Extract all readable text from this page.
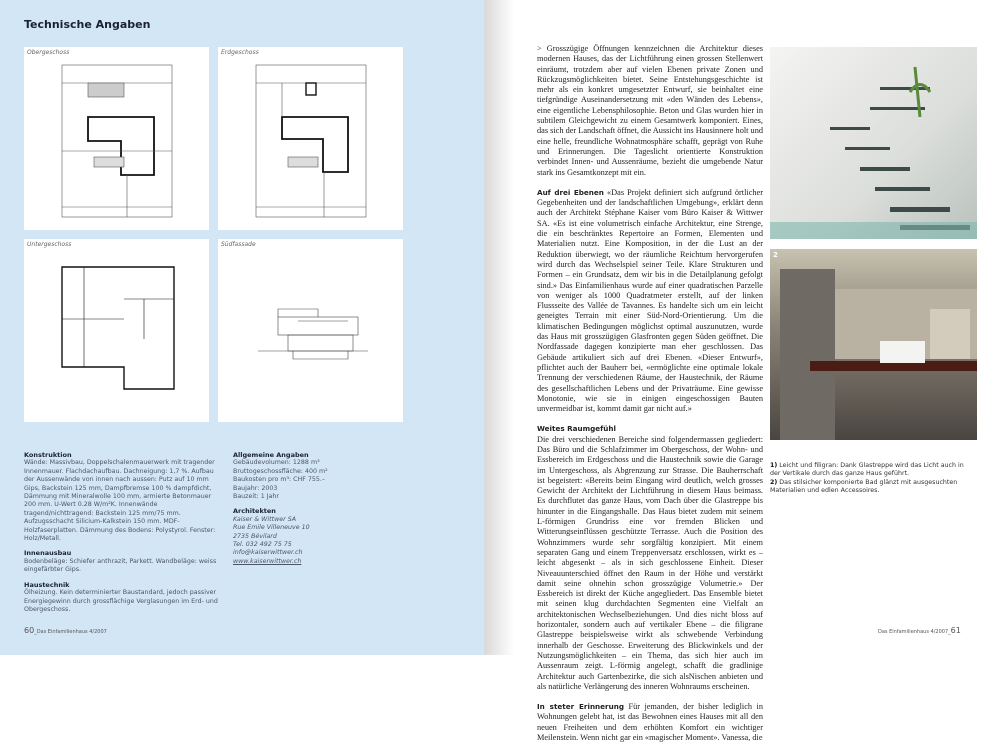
Technische Angaben
Obergeschoss	Erdgeschoss
Untergeschoss	Südfassade
Konstruktion
Wände: Massivbau, Doppelschalenmauerwerk mit tragender Innenmauer. Flachdachaufbau. Dachneigung: 1,7 %. Aufbau der Aussenwände von innen nach aussen: Putz auf 10 mm Gips, Backstein 125 mm, Dampfbremse 100 % dampfdicht, Dämmung mit Mineralwolle 100 mm, armierte Betonmauer 200 mm. U-Wert 0.28 W/m²K. Innenwände tragend/nichttragend: Backstein 125 mm/75 mm. Aufzugsschacht Silicium-Kalkstein 150 mm. MDF-Holzfaserplatten. Dämmung des Bodens: Polystyrol. Fenster: Holz/Metall.
Innenausbau
Bodenbeläge: Schiefer anthrazit, Parkett. Wandbeläge: weiss eingefärbter Gips.
Haustechnik
Ölheizung. Kein determinierter Baustandard, jedoch passiver Energiegewinn durch grossflächige Verglasungen im Erd- und Obergeschoss.
Allgemeine Angaben
Gebäudevolumen: 1288 m³
Bruttogeschossfläche: 400 m²
Baukosten pro m³: CHF 755.–
Baujahr: 2003
Bauzeit: 1 Jahr
Architekten
Kaiser & Wittwer SA
Rue Emile Villeneuve 10
2735 Bévilard
Tel. 032 492 75 75
info@kaiserwittwer.ch
www.kaiserwittwer.ch
60_Das Einfamilienhaus 4/2007

> Grosszügige Öffnungen kennzeichnen die Architektur dieses modernen Hauses, das der Lichtführung einen grossen Stellenwert einräumt, trotzdem aber auf vielen Ebenen private Zonen und Rückzugsmöglichkeiten bietet. Seine Entstehungsgeschichte ist mehr als ein konkret umgesetzter Entwurf, sie beinhaltet eine tiefgründige Auseinandersetzung mit «den Wänden des Lebens», eine eigentliche Lebensphilosophie. Beton und Glas wurden hier in subtilem Gleichgewicht zu einem Gesamtwerk komponiert. Eines, das sich der Landschaft öffnet, die Aussicht ins Hausinnere holt und eine helle, freundliche Wohnatmosphäre schafft, geprägt von Ruhe und Erinnerungen. Die Tageslicht orientierte Konstruktion verbindet Innen- und Aussenräume, bezieht die umgebende Natur stark ins Gesamtkonzept mit ein.

Auf drei Ebenen «Das Projekt definiert sich aufgrund örtlicher Gegebenheiten und der landschaftlichen Umgebung», erklärt denn auch der Architekt Stéphane Kaiser vom Büro Kaiser & Wittwer SA. «Es ist eine volumetrisch einfache Architektur, eine Strenge, die ein beschränktes Repertoire an Formen, Elementen und Materialien nutzt. Eine Komposition, in der die Lust an der Reduktion überwiegt, wo der räumliche Reichtum hervorgerufen wird durch das Wechselspiel seiner Teile. Klare Strukturen und Formen – ein Grundsatz, dem wir bis in die Detailplanung gefolgt sind.» Das Einfamilienhaus wurde auf einer quadratischen Parzelle von weniger als 1000 Quadratmeter erstellt, auf der linken Flussseite des Vallée de Tavannes. Es handelte sich um ein leicht geneigtes Terrain mit einer Süd-Nord-Orientierung. Um die klimatischen Bedingungen möglichst optimal auszunutzen, wurde das Haus mit grosszügigen Glasfronten gegen Süden geöffnet. Die Nordfassade dagegen konzipierte man eher geschlossen. Das Gebäude artikuliert sich auf drei Ebenen. «Dieser Entwurf», pflichtet auch der Bauherr bei, «ermöglichte eine optimale lokale Trennung der verschiedenen Räume, der Haustechnik, der Räume des gesellschaftlichen Lebens und der Privaträume. Eine gewisse Monotonie, wie sie in einigen eingeschossigen Bauten unvermeidbar ist, kommt damit gar nicht auf.»

Weites Raumgefühl
Die drei verschiedenen Bereiche sind folgendermassen gegliedert: Das Büro und die Schlafzimmer im Obergeschoss, der Wohn- und Essbereich im Erdgeschoss und die Haustechnik sowie die Garage im Untergeschoss, als Abgrenzung zur Strasse. Die Bauherrschaft ist begeistert: «Bereits beim Eingang wird deutlich, welch grosses Gewicht der Architekt der Lichtführung in diesem Haus beimass. Es durchflutet das ganze Haus, vom Dach über die Glastreppe bis hinunter in die Eingangshalle. Das Haus bietet zudem mit seinem L-förmigen Grundriss eine vor fremden Blicken und Witterungseinflüssen geschützte Terrasse. Auch die Position des Wohnzimmers wurde sehr sorgfältig konzipiert. Mit einem separaten Gang und einem Treppenversatz erschlossen, wirkt es – leicht abgesenkt – als in sich geschlossene Einheit. Dieser Niveauunterschied öffnet den Raum in der Höhe und verstärkt damit seine ohnehin schon grosszügige Volumetrie.» Der Essbereich ist direkt der Küche angegliedert. Das Ensemble bietet mit seinen klug durchdachten Segmenten eine Vielfalt an architektonischen Wechselbeziehungen. Und dies nicht bloss auf horizontaler, sondern auch auf vertikaler Ebene – die filigrane Glastreppe beispielsweise wirkt als schwebende Verbindung innerhalb der Geschosse. Erweiterung des Blickwinkels und der Nutzungsmöglichkeiten – ein Thema, das sich hier auch im Aussenraum zeigt. L-förmig angelegt, schafft die gradlinige Architektur auch Gartenbezirke, die sich alsNischen anbieten und als natürliche Verlängerung des inneren Wohnraums erscheinen.

In steter Erinnerung Für jemanden, der bisher lediglich in Wohnungen gelebt hat, ist das Bewohnen eines Hauses mit all den neuen Freiheiten und dem erhöhten Komfort ein wichtiger Meilenstein. Wenn nicht gar ein «magischer Moment». Vanessa, die

2
1) Leicht und filigran: Dank Glastreppe wird das Licht auch in der Vertikale durch das ganze Haus geführt.
2) Das stilsicher komponierte Bad glänzt mit ausgesuchten Materialien und edlen Accessoires.
Das Einfamilienhaus 4/2007_61
